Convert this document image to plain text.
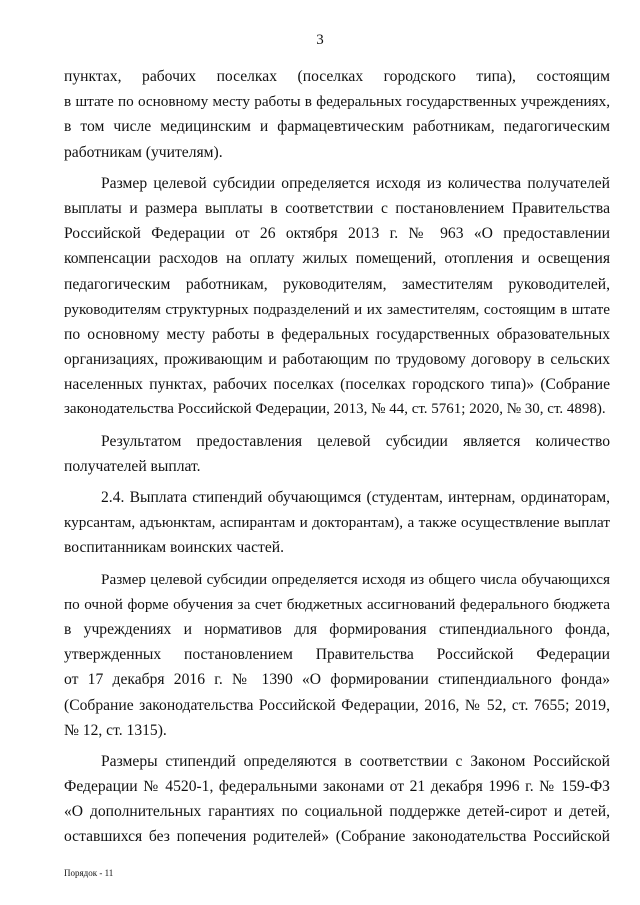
3
пунктах, рабочих поселках (поселках городского типа), состоящим
в штате по основному месту работы в федеральных государственных учреждениях,
в том числе медицинским и фармацевтическим работникам, педагогическим
работникам (учителям).
Размер целевой субсидии определяется исходя из количества получателей
выплаты и размера выплаты в соответствии с постановлением Правительства
Российской Федерации от 26 октября 2013 г. № 963 «О предоставлении
компенсации расходов на оплату жилых помещений, отопления и освещения
педагогическим работникам, руководителям, заместителям руководителей,
руководителям структурных подразделений и их заместителям, состоящим в штате
по основному месту работы в федеральных государственных образовательных
организациях, проживающим и работающим по трудовому договору в сельских
населенных пунктах, рабочих поселках (поселках городского типа)» (Собрание
законодательства Российской Федерации, 2013, № 44, ст. 5761; 2020, № 30, ст. 4898).
Результатом предоставления целевой субсидии является количество
получателей выплат.
2.4. Выплата стипендий обучающимся (студентам, интернам, ординаторам,
курсантам, адъюнктам, аспирантам и докторантам), а также осуществление выплат
воспитанникам воинских частей.
Размер целевой субсидии определяется исходя из общего числа обучающихся
по очной форме обучения за счет бюджетных ассигнований федерального бюджета
в учреждениях и нормативов для формирования стипендиального фонда,
утвержденных постановлением Правительства Российской Федерации
от 17 декабря 2016 г. № 1390 «О формировании стипендиального фонда»
(Собрание законодательства Российской Федерации, 2016, № 52, ст. 7655; 2019,
№ 12, ст. 1315).
Размеры стипендий определяются в соответствии с Законом Российской
Федерации № 4520-1, федеральными законами от 21 декабря 1996 г. № 159-ФЗ
«О дополнительных гарантиях по социальной поддержке детей-сирот и детей,
оставшихся без попечения родителей» (Собрание законодательства Российской
Порядок - 11
